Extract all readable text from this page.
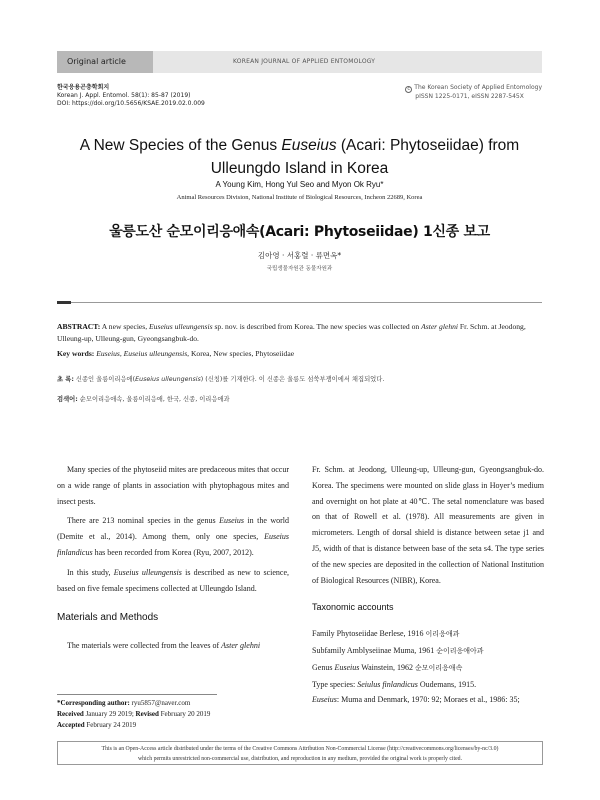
Original article	KOREAN JOURNAL OF APPLIED ENTOMOLOGY
한국응용곤충학회지
Korean J. Appl. Entomol. 58(1): 85-87 (2019)
DOI: https://doi.org/10.5656/KSAE.2019.02.0.009
c The Korean Society of Applied Entomology
pISSN 1225-0171, eISSN 2287-545X
A New Species of the Genus Euseius (Acari: Phytoseiidae) from
Ulleungdo Island in Korea
A Young Kim, Hong Yul Seo and Myon Ok Ryu*
Animal Resources Division, National Institute of Biological Resources, Incheon 22689, Korea
울릉도산 순모이리응애속(Acari: Phytoseiidae) 1신종 보고
김아영 · 서홍렬 · 류면옥*
국립생물자원관 동물자원과
ABSTRACT: A new species, Euseius ulleungensis sp. nov. is described from Korea. The new species was collected on Aster glehni Fr. Schm. at Jeodong, Ulleung-up, Ulleung-gun, Gyeongsangbuk-do.
Key words: Euseius, Euseius ulleungensis, Korea, New species, Phytoseiidae
초 록: 신종인 울릉이리응애(Euseius ulleungensis) (신칭)를 기재한다. 이 신종은 울릉도 섬쑥부쟁이에서 채집되었다.
검색어: 순모이리응애속, 울릉이리응애, 한국, 신종, 이리응애과

Many species of the phytoseiid mites are predaceous mites that occur on a wide range of plants in association with phytophagous mites and insect pests.

There are 213 nominal species in the genus Euseius in the world (Demite et al., 2014). Among them, only one species, Euseius finlandicus has been recorded from Korea (Ryu, 2007, 2012).

In this study, Euseius ulleungensis is described as new to science, based on five female specimens collected at Ulleungdo Island.

Materials and Methods

The materials were collected from the leaves of Aster glehni

Fr. Schm. at Jeodong, Ulleung-up, Ulleung-gun, Gyeongsangbuk-do. Korea. The specimens were mounted on slide glass in Hoyer’s medium and overnight on hot plate at 40℃. The setal nomenclature was based on that of Rowell et al. (1978). All measurements are given in micrometers. Length of dorsal shield is distance between setae j1 and J5, width of that is distance between base of the seta s4. The type series of the new species are deposited in the collection of National Institution of Biological Resources (NIBR), Korea.

Taxonomic accounts
Family Phytoseiidae Berlese, 1916 이리응애과
Subfamily Amblyseiinae Muma, 1961 순이리응애아과
Genus Euseius Wainstein, 1962 순모이리응애속
Type species: Seiulus finlandicus Oudemans, 1915.
Euseius: Muma and Denmark, 1970: 92; Moraes et al., 1986: 35;
*Corresponding author: ryu5857@naver.com
Received January 29 2019; Revised February 20 2019
Accepted February 24 2019
This is an Open-Access article distributed under the terms of the Creative Commons Attribution Non-Commercial License (http://creativecommons.org/licenses/by-nc/3.0)
which permits unrestricted non-commercial use, distribution, and reproduction in any medium, provided the original work is properly cited.
